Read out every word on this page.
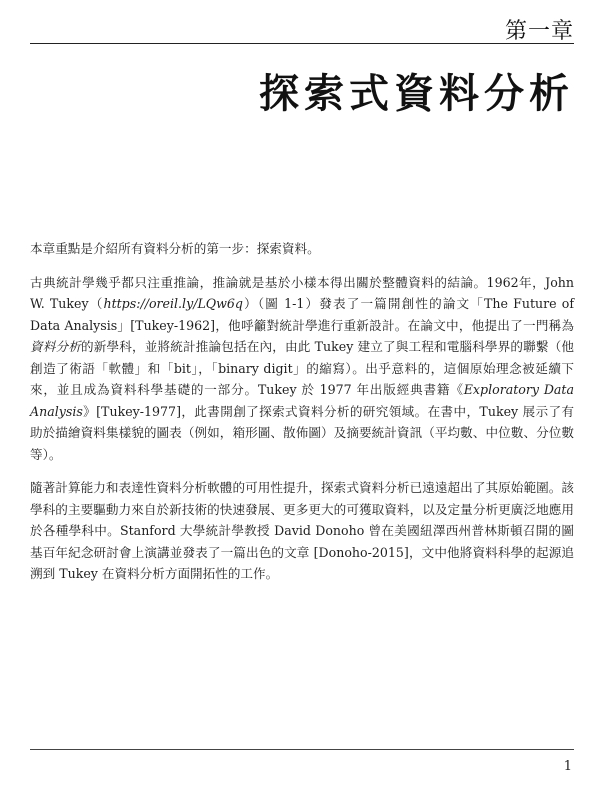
第一章
探索式資料分析

本章重點是介紹所有資料分析的第一步：探索資料。

古典統計學幾乎都只注重推論，推論就是基於小樣本得出關於整體資料的結論。1962年，John W. Tukey（https://oreil.ly/LQw6q）（圖 1-1）發表了一篇開創性的論文「The Future of Data Analysis」[Tukey-1962]，他呼籲對統計學進行重新設計。在論文中，他提出了一門稱為資料分析的新學科，並將統計推論包括在內，由此 Tukey 建立了與工程和電腦科學界的聯繫（他創造了術語「軟體」和「bit」，「binary digit」的縮寫）。出乎意料的，這個原始理念被延續下來，並且成為資料科學基礎的一部分。Tukey 於 1977 年出版經典書籍《Exploratory Data Analysis》[Tukey-1977]，此書開創了探索式資料分析的研究領域。在書中，Tukey 展示了有助於描繪資料集樣貌的圖表（例如，箱形圖、散佈圖）及摘要統計資訊（平均數、中位數、分位數等）。

隨著計算能力和表達性資料分析軟體的可用性提升，探索式資料分析已遠遠超出了其原始範圍。該學科的主要驅動力來自於新技術的快速發展、更多更大的可獲取資料，以及定量分析更廣泛地應用於各種學科中。Stanford 大學統計學教授 David Donoho 曾在美國紐澤西州普林斯頓召開的圖基百年紀念研討會上演講並發表了一篇出色的文章 [Donoho-2015]，文中他將資料科學的起源追溯到 Tukey 在資料分析方面開拓性的工作。

1
